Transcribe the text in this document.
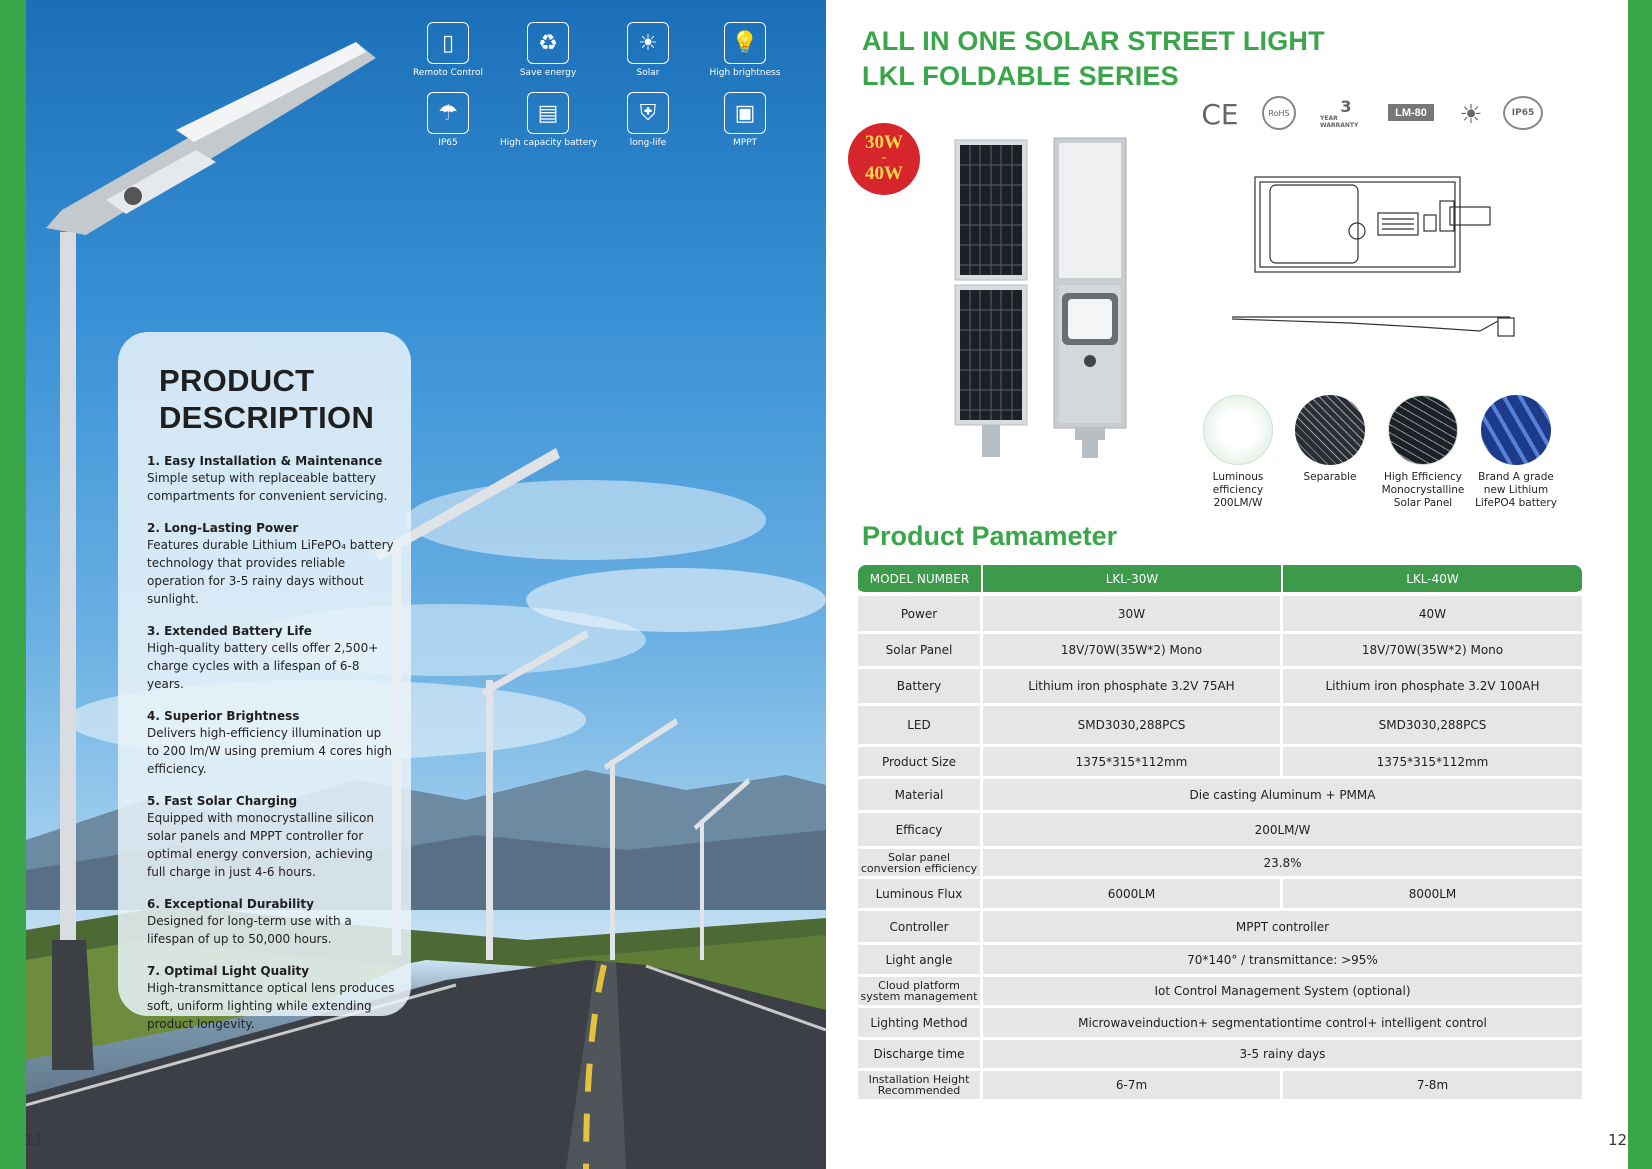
▯
Remoto Control
♻
Save energy
☀
Solar
💡
High brightness
☂
IP65
▤
High capacity battery
⛨
long-life
▣
MPPT
PRODUCT
DESCRIPTION
1. Easy Installation & Maintenance

Simple setup with replaceable battery compartments for convenient servicing.

2. Long-Lasting Power

Features durable Lithium LiFePO₄ battery technology that provides reliable operation for 3-5 rainy days without sunlight.

3. Extended Battery Life

High-quality battery cells offer 2,500+ charge cycles with a lifespan of 6-8 years.

4. Superior Brightness

Delivers high-efficiency illumination up to 200 lm/W using premium 4 cores high efficiency.

5. Fast Solar Charging

Equipped with monocrystalline silicon solar panels and MPPT controller for optimal energy conversion, achieving full charge in just 4-6 hours.

6. Exceptional Durability

Designed for long-term use with a lifespan of up to 50,000 hours.

7. Optimal Light Quality

High-transmittance optical lens produces soft, uniform lighting while extending product longevity.

11
ALL IN ONE SOLAR STREET LIGHT
LKL FOLDABLE SERIES
CE	RoHS	3
YEAR WARRANTY
LM-80 ☀	IP65
30W
-
40W
Luminous efficiency 200LM/W
Separable	High Efficiency Monocrystalline Solar Panel
Brand A grade new Lithium LifePO4 battery
Product Pamameter
MODEL NUMBER	LKL-30W	LKL-40W
Power	30W	40W
Solar Panel	18V/70W(35W*2) Mono	18V/70W(35W*2) Mono
Battery	Lithium iron phosphate 3.2V 75AH	Lithium iron phosphate 3.2V 100AH
LED	SMD3030,288PCS	SMD3030,288PCS
Product Size	1375*315*112mm	1375*315*112mm
Material	Die casting Aluminum + PMMA
Efficacy	200LM/W
Solar panel conversion efficiency	23.8%
Luminous Flux	6000LM	8000LM
Controller	MPPT controller
Light angle	70*140° / transmittance: >95%
Cloud platform system management	Iot Control Management System (optional)
Lighting Method	Microwaveinduction+ segmentationtime control+ intelligent control
Discharge time	3-5 rainy days
Installation Height Recommended	6-7m	7-8m
12
